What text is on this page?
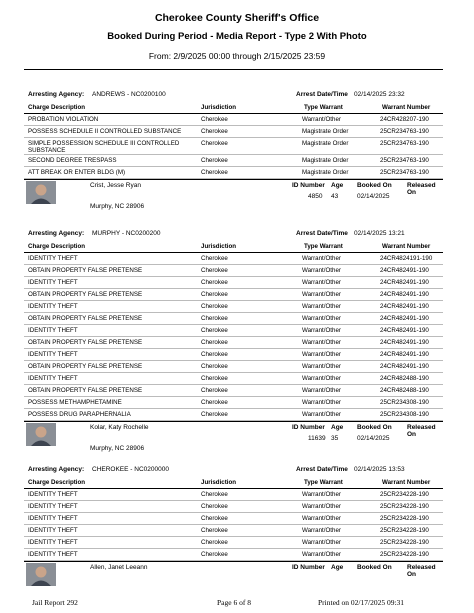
Cherokee County Sheriff's Office
Booked During Period - Media Report - Type 2 With Photo
From: 2/9/2025 00:00 through 2/15/2025 23:59
Arresting Agency: ANDREWS - NC0200100	Arrest Date/Time 02/14/2025 23:32
Charge Description	Jurisdiction	Type Warrant	Warrant Number
PROBATION VIOLATION	Cherokee	Warrant/Other	24CR428207-190
POSSESS SCHEDULE II CONTROLLED SUBSTANCE	Cherokee	Magistrate Order	25CR234763-190
SIMPLE POSSESSION SCHEDULE III CONTROLLED SUBSTANCE
Cherokee	Magistrate Order	25CR234763-190
SECOND DEGREE TRESPASS	Cherokee	Magistrate Order	25CR234763-190
ATT BREAK OR ENTER BLDG (M)	Cherokee	Magistrate Order	25CR234763-190
Crist, Jesse Ryan
Murphy, NC 28906
ID Number Age Booked On Released On
4850 43	02/14/2025
Arresting Agency: MURPHY - NC0200200	Arrest Date/Time 02/14/2025 13:21
Charge Description	Jurisdiction	Type Warrant	Warrant Number
IDENTITY THEFT	Cherokee	Warrant/Other	24CR4824191-190
OBTAIN PROPERTY FALSE PRETENSE	Cherokee	Warrant/Other	24CR482491-190
IDENTITY THEFT	Cherokee	Warrant/Other	24CR482491-190
OBTAIN PROPERTY FALSE PRETENSE	Cherokee	Warrant/Other	24CR482491-190
IDENTITY THEFT	Cherokee	Warrant/Other	24CR482491-190
OBTAIN PROPERTY FALSE PRETENSE	Cherokee	Warrant/Other	24CR482491-190
IDENTITY THEFT	Cherokee	Warrant/Other	24CR482491-190
OBTAIN PROPERTY FALSE PRETENSE	Cherokee	Warrant/Other	24CR482491-190
IDENTITY THEFT	Cherokee	Warrant/Other	24CR482491-190
OBTAIN PROPERTY FALSE PRETENSE	Cherokee	Warrant/Other	24CR482491-190
IDENTITY THEFT	Cherokee	Warrant/Other	24CR482488-190
OBTAIN PROPERTY FALSE PRETENSE	Cherokee	Warrant/Other	24CR482488-190
POSSESS METHAMPHETAMINE	Cherokee	Warrant/Other	25CR234308-190
POSSESS DRUG PARAPHERNALIA	Cherokee	Warrant/Other	25CR234308-190
Kolar, Katy Rochelle
Murphy, NC 28906
ID Number Age Booked On Released On
11639 35	02/14/2025
Arresting Agency: CHEROKEE - NC0200000	Arrest Date/Time 02/14/2025 13:53
Charge Description	Jurisdiction	Type Warrant	Warrant Number
IDENTITY THEFT	Cherokee	Warrant/Other	25CR234228-190
IDENTITY THEFT	Cherokee	Warrant/Other	25CR234228-190
IDENTITY THEFT	Cherokee	Warrant/Other	25CR234228-190
IDENTITY THEFT	Cherokee	Warrant/Other	25CR234228-190
IDENTITY THEFT	Cherokee	Warrant/Other	25CR234228-190
IDENTITY THEFT	Cherokee	Warrant/Other	25CR234228-190
Allen, Janet Leeann	ID Number Age Booked On Released On
Jail Report 292	Page 6 of 8	Printed on 02/17/2025 09:31
